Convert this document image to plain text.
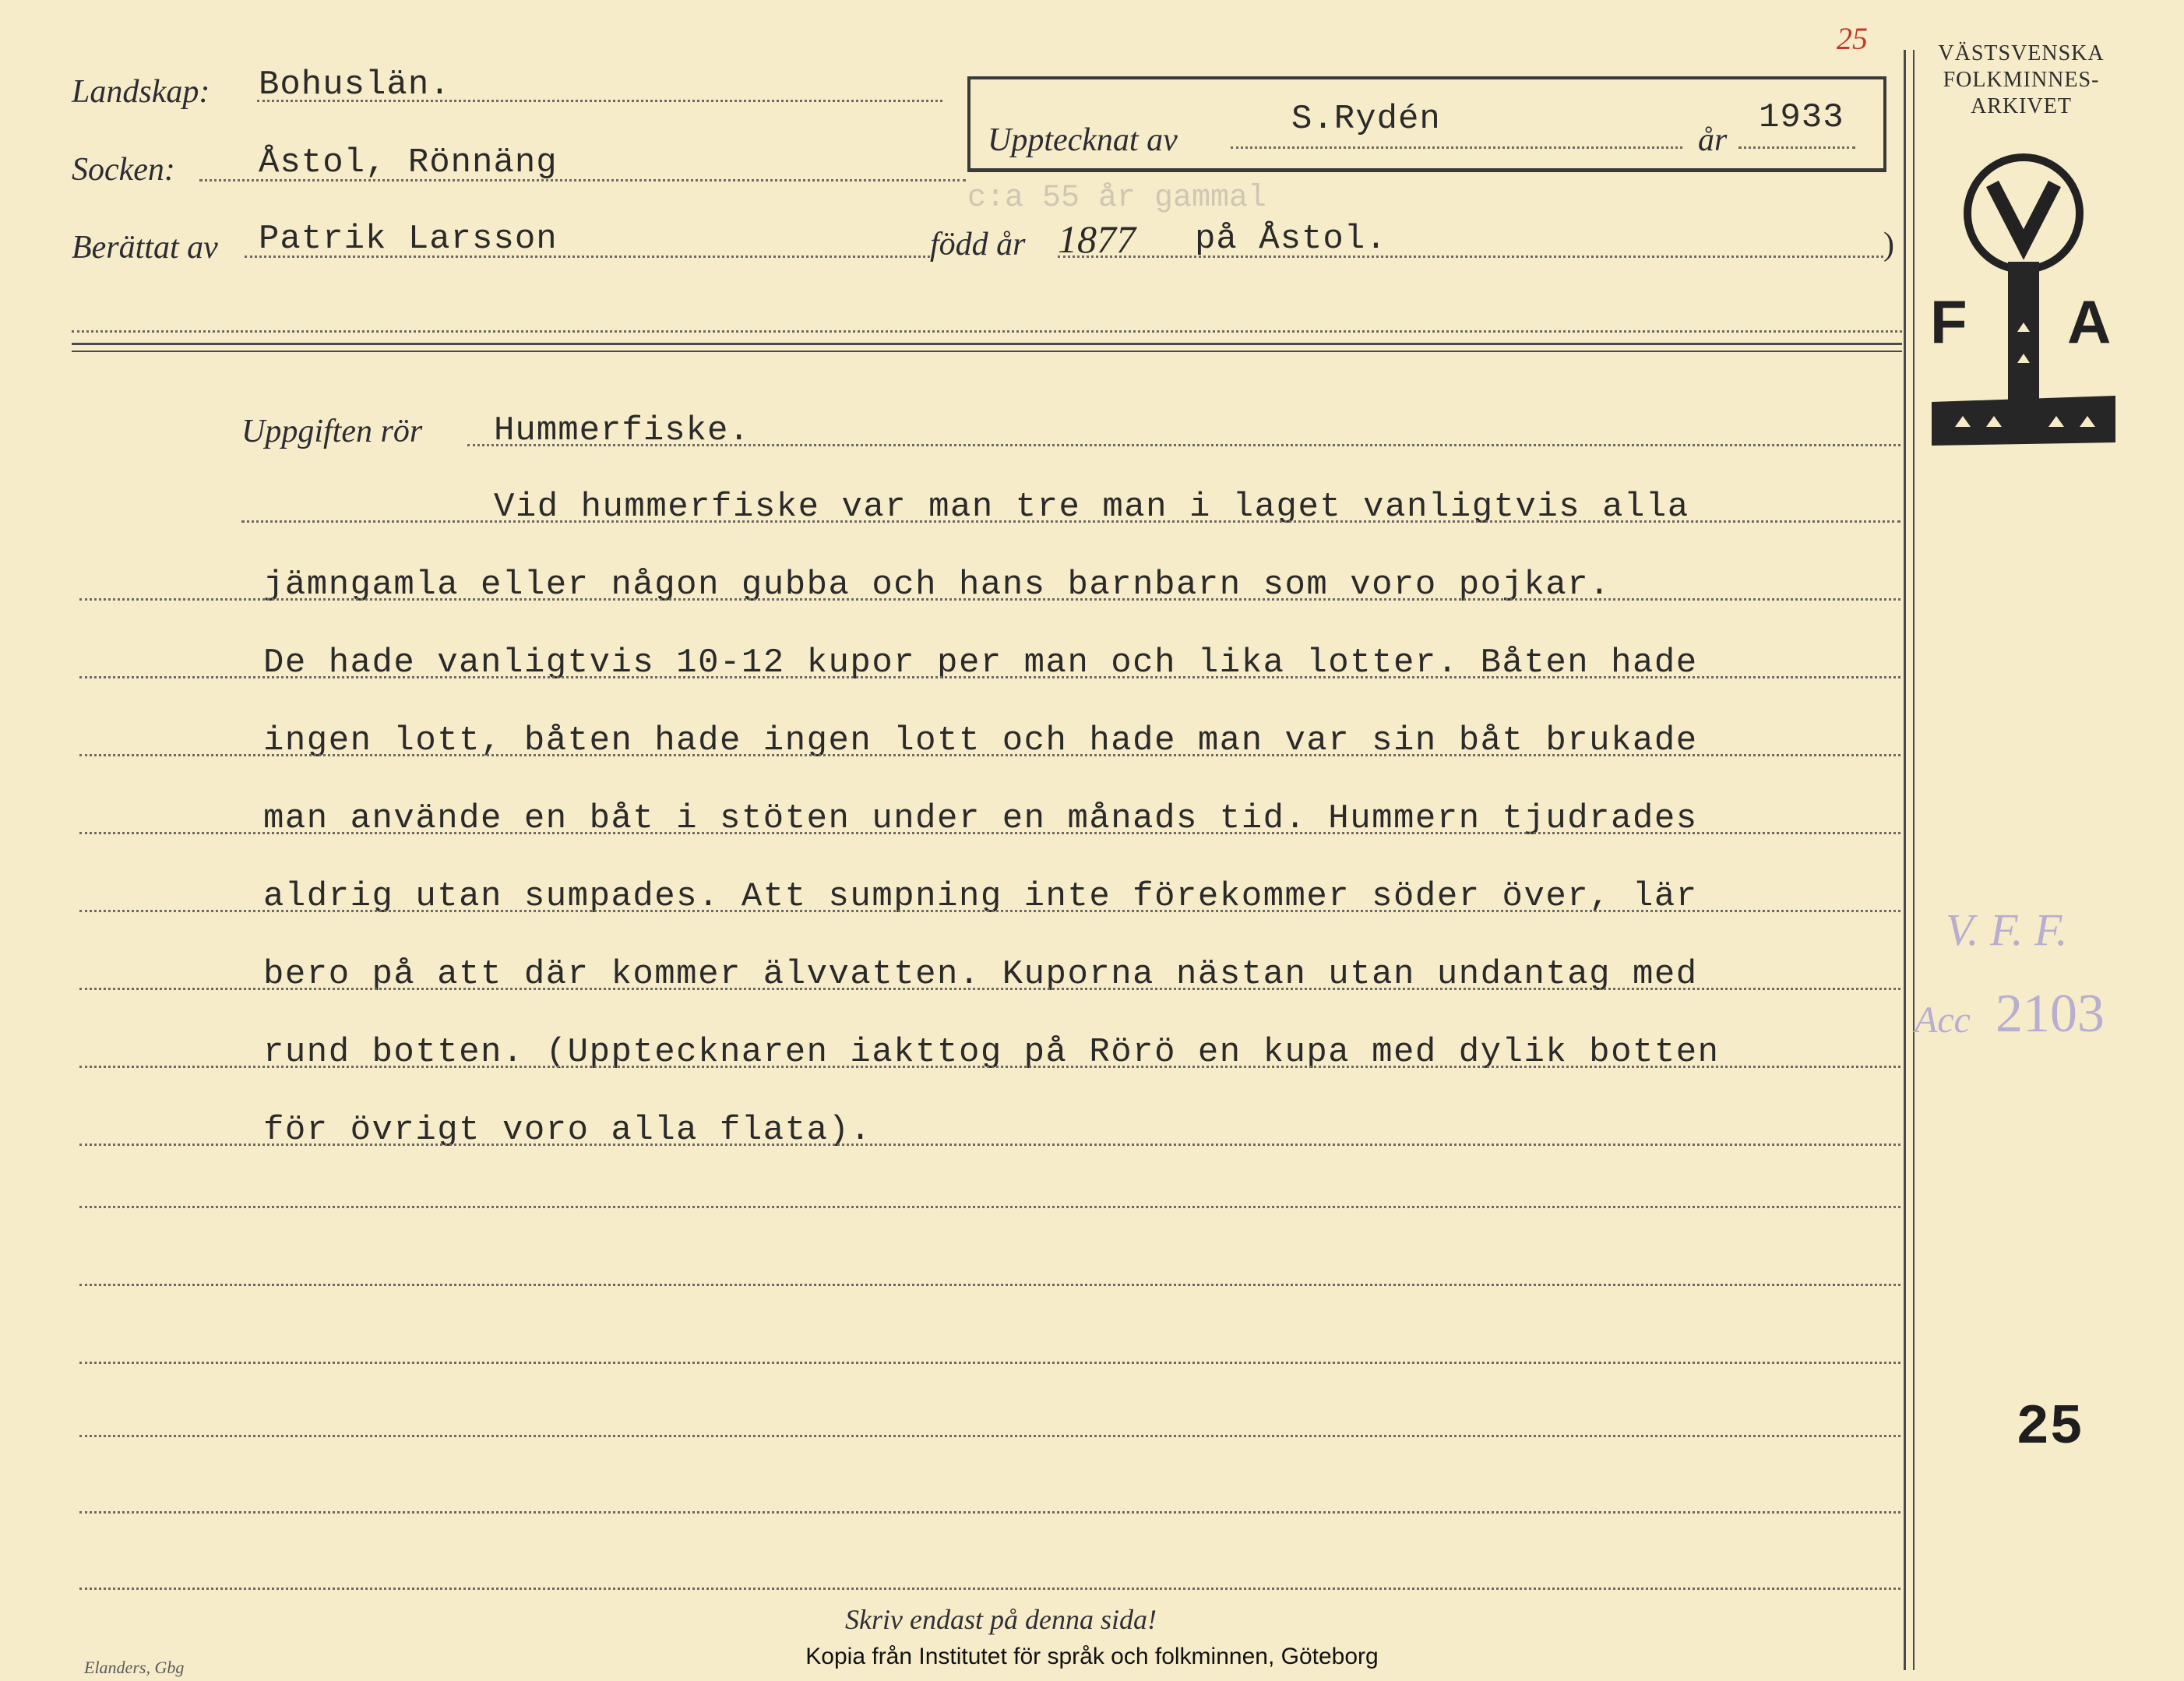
Landskap: Bohuslän.
Socken: Åstol, Rönnäng
Berättat av Patrik Larsson
c:a 55 år gammal
född år 1877 på Åstol.	)
Uppteckn​at av
S.Rydén
år
1933
25	VÄSTSVENSKA
FOLKMINNES-
ARKIVET
F A
V. F. F.
Acc 2103
25
Uppgiften rör Hummerfiske.
Vid hummerfiske var man tre man i laget vanligtvis alla
jämngamla eller någon gubba och hans barnbarn som voro pojkar.
De hade vanligtvis 10-12 kupor per man och lika lotter. Båten hade
ingen lott, båten hade ingen lott och hade man var sin båt brukade
man använde en båt i stöten under en månads tid. Hummern tjudrades
aldrig utan sumpades. Att sumpning inte förekommer söder över, lär
bero på att där kommer älvvatten. Kuporna nästan utan undantag med
rund botten. (Upptecknaren iakttog på Rörö en kupa med dylik botten
för övrigt voro alla flata).
Skriv endast på denna sida!
Kopia från Institutet för språk och folkminnen, Göteborg
Elanders, Gbg
